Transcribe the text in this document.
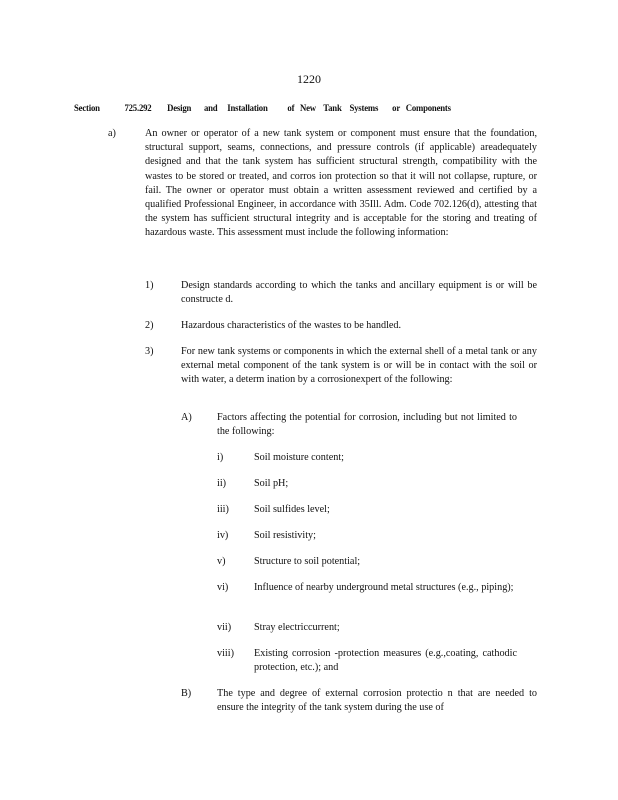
1220
Section	725.292 Design and Installation of New Tank Systems or Components
a)	An owner or operator of a new tank system or component must ensure that the foundation, structural support, seams, connections, and pressure controls (if applicable) areadequately designed and that the tank system has sufficient structural strength, compatibility with the wastes to be stored or treated, and corros ion protection so that it will not collapse, rupture, or fail. The owner or operator must obtain a written assessment reviewed and certified by a qualified Professional Engineer, in accordance with 35Ill. Adm. Code 702.126(d), attesting that the system has sufficient structural integrity and is acceptable for the storing and treating of hazardous waste. This assessment must include the following information:
1)	Design standards according to which the tanks and ancillary equipment is or will be constructe d.
2)	Hazardous characteristics of the wastes to be handled.
3)	For new tank systems or components in which the external shell of a metal tank or any external metal component of the tank system is or will be in contact with the soil or with water, a determ ination by a corrosionexpert of the following:
A) Factors affecting the potential for corrosion, including but not limited to the following:
i)	Soil moisture content;
ii)	Soil pH;
iii) Soil sulfides level;
iv)	Soil resistivity;
v)	Structure to soil potential;
vi)	Influence of nearby underground metal structures (e.g., piping);
vii) Stray electriccurrent;
viii) Existing corrosion -protection measures (e.g.,coating, cathodic protection, etc.); and
B)	The type and degree of external corrosion protectio n that are needed to ensure the integrity of the tank system during the use of
